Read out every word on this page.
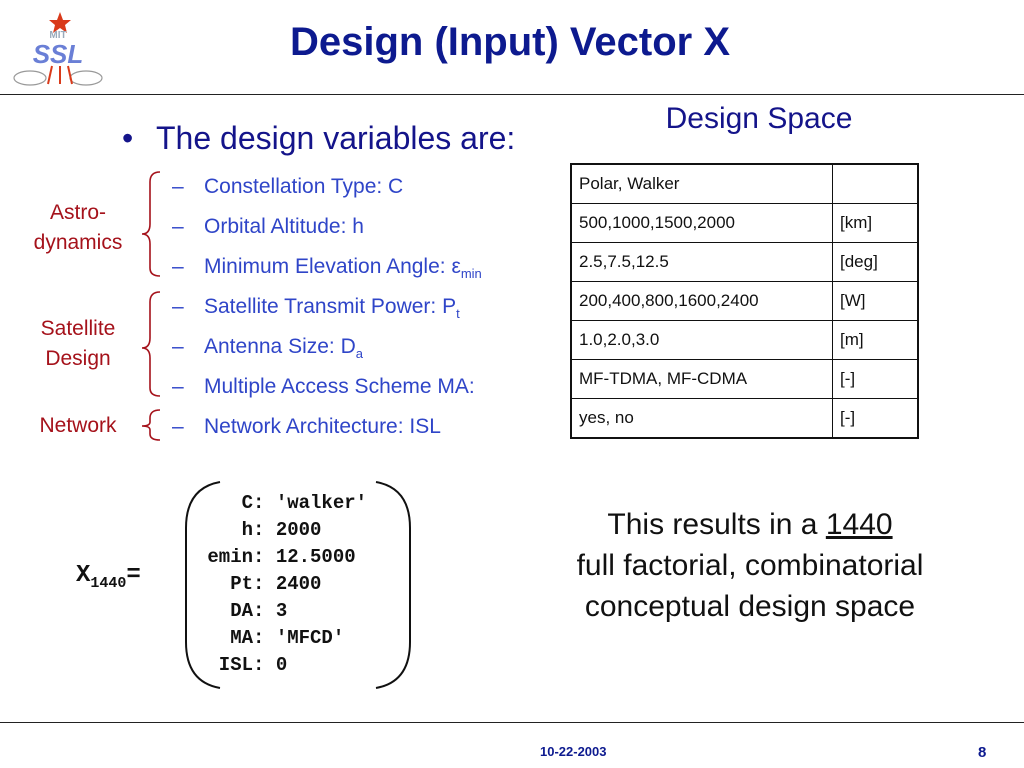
MIT
SSL	Design (Input) Vector X
• The design variables are:
– Constellation Type: C
– Orbital Altitude: h
– Minimum Elevation Angle: $\varepsilon_{min}$
– Satellite Transmit Power: $P_t$
– Antenna Size: $D_a$
– Multiple Access Scheme MA:
– Network Architecture: ISL
Astro-
dynamics
Satellite
Design
Network
Design Space
Polar, Walker	
500,1000,1500,2000	[km]
2.5,7.5,12.5	[deg]
200,400,800,1600,2400	[W]
1.0,2.0,3.0	[m]
MF-TDMA, MF-CDMA	[-]
yes, no	[-]
$X_{1440}=$
C: 'walker'
h: 2000
emin: 12.5000
Pt: 2400
DA: 3
MA: 'MFCD'
ISL: 0
This results in a 1440
full factorial, combinatorial
conceptual design space
10-22-2003	8
